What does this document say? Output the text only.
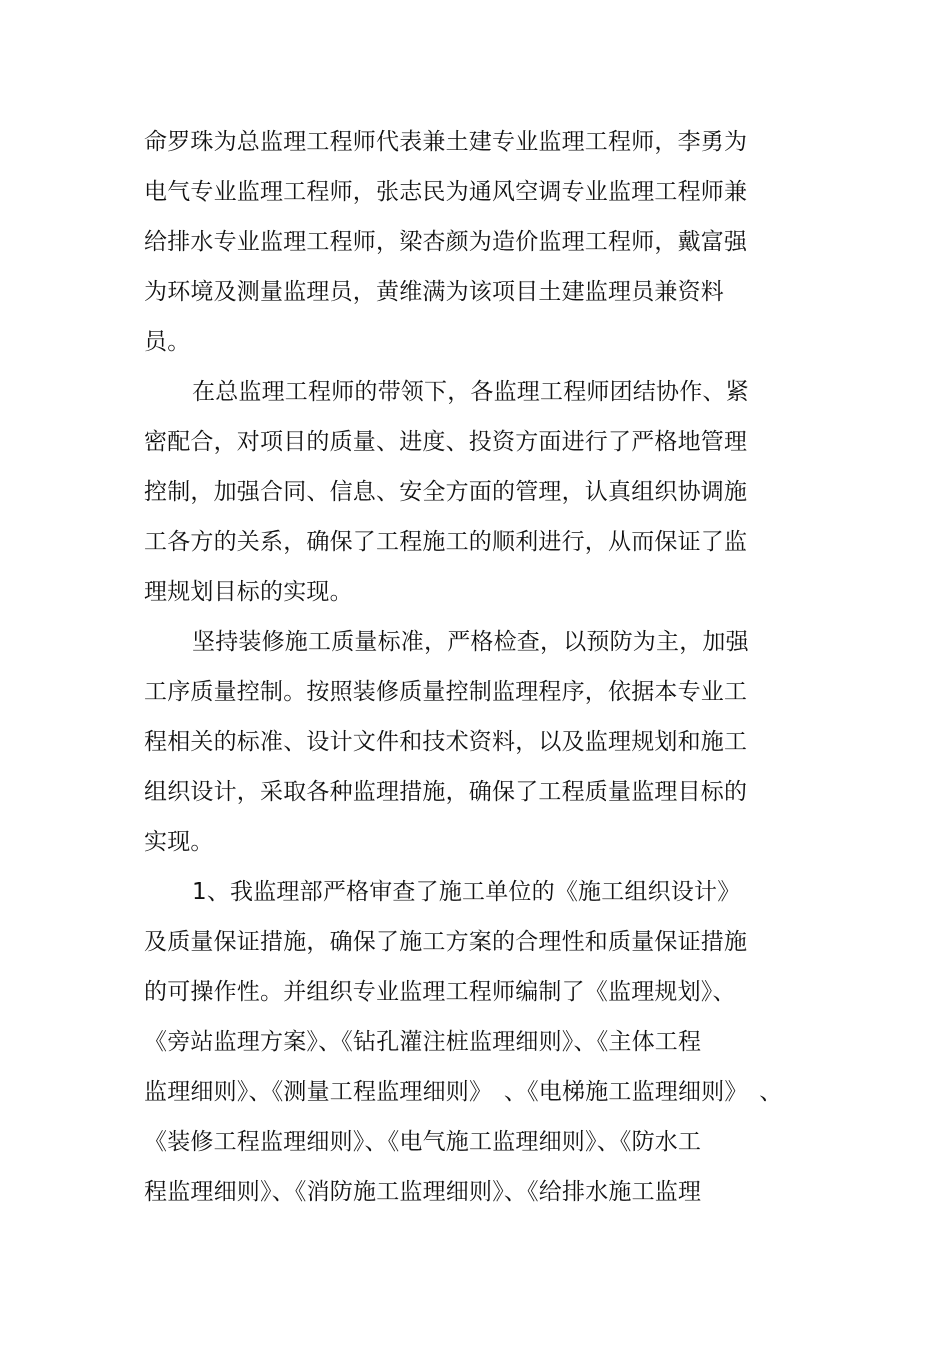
命罗珠为总监理工程师代表兼土建专业监理工程师，李勇为
电气专业监理工程师，张志民为通风空调专业监理工程师兼
给排水专业监理工程师，梁杏颜为造价监理工程师，戴富强
为环境及测量监理员，黄维满为该项目土建监理员兼资料
员。
在总监理工程师的带领下，各监理工程师团结协作、紧
密配合，对项目的质量、进度、投资方面进行了严格地管理
控制，加强合同、信息、安全方面的管理，认真组织协调施
工各方的关系，确保了工程施工的顺利进行，从而保证了监
理规划目标的实现。
坚持装修施工质量标准，严格检查，以预防为主，加强
工序质量控制。按照装修质量控制监理程序，依据本专业工
程相关的标准、设计文件和技术资料，以及监理规划和施工
组织设计，采取各种监理措施，确保了工程质量监理目标的
实现。
1、我监理部严格审查了施工单位的《施工组织设计》
及质量保证措施，确保了施工方案的合理性和质量保证措施
的可操作性。并组织专业监理工程师编制了《监理规划》、
《旁站监理方案》、《钻孔灌注桩监理细则》、《主体工程
监理细则》、《测量工程监理细则》　、《电梯施工监理细则》　、
《装修工程监理细则》、《电气施工监理细则》、《防水工
程监理细则》、《消防施工监理细则》、《给排水施工监理
